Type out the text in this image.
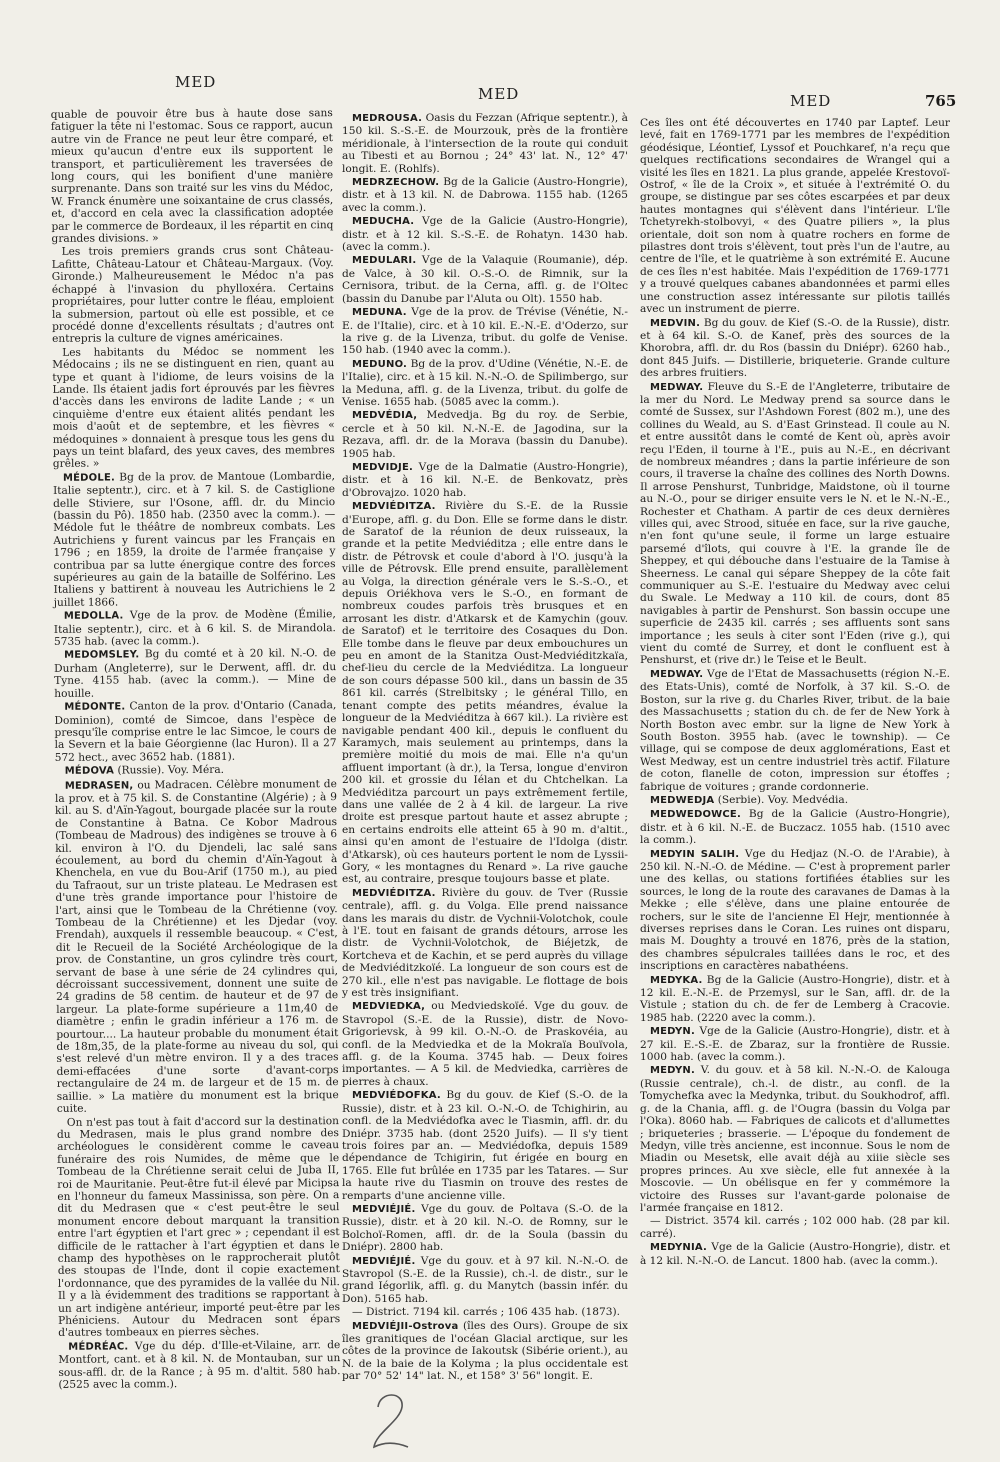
MED
MED	MED	765

quable de pouvoir être bus à haute dose sans fatiguer la tête ni l'estomac. Sous ce rapport, aucun autre vin de France ne peut leur être comparé, et mieux qu'aucun d'entre eux ils supportent le transport, et particulièrement les traversées de long cours, qui les bonifient d'une manière surprenante. Dans son traité sur les vins du Médoc, W. Franck énumère une soixantaine de crus classés, et, d'accord en cela avec la classification adoptée par le commerce de Bordeaux, il les répartit en cinq grandes divisions. »

Les trois premiers grands crus sont Château-Lafitte, Château-Latour et Château-Margaux. (Voy. Gironde.) Malheureusement le Médoc n'a pas échappé à l'invasion du phylloxéra. Certains propriétaires, pour lutter contre le fléau, emploient la submersion, partout où elle est possible, et ce procédé donne d'excellents résultats ; d'autres ont entrepris la culture de vignes américaines.

Les habitants du Médoc se nomment les Médocains ; ils ne se distinguent en rien, quant au type et quant à l'idiome, de leurs voisins de la Lande. Ils étaient jadis fort éprouvés par les fièvres d'accès dans les environs de ladite Lande ; « un cinquième d'entre eux étaient alités pendant les mois d'août et de septembre, et les fièvres « médoquines » donnaient à presque tous les gens du pays un teint blafard, des yeux caves, des membres grêles. »

MÉDOLE. Bg de la prov. de Mantoue (Lombardie, Italie septentr.), circ. et à 7 kil. S. de Castiglione delle Stiviere, sur l'Osone, affl. dr. du Mincio (bassin du Pô). 1850 hab. (2350 avec la comm.). — Médole fut le théâtre de nombreux combats. Les Autrichiens y furent vaincus par les Français en 1796 ; en 1859, la droite de l'armée française y contribua par sa lutte énergique contre des forces supérieures au gain de la bataille de Solférino. Les Italiens y battirent à nouveau les Autrichiens le 2 juillet 1866.

MEDOLLA. Vge de la prov. de Modène (Émilie, Italie septentr.), circ. et à 6 kil. S. de Mirandola. 5735 hab. (avec la comm.).

MEDOMSLEY. Bg du comté et à 20 kil. N.-O. de Durham (Angleterre), sur le Derwent, affl. dr. du Tyne. 4155 hab. (avec la comm.). — Mine de houille.

MÉDONTE. Canton de la prov. d'Ontario (Canada, Dominion), comté de Simcoe, dans l'espèce de presqu'île comprise entre le lac Simcoe, le cours de la Severn et la baie Géorgienne (lac Huron). Il a 27 572 hect., avec 3652 hab. (1881).

MÉDOVA (Russie). Voy. Méra.

MEDRASEN, ou Madracen. Célèbre monument de la prov. et à 75 kil. S. de Constantine (Algérie) ; à 9 kil. au S. d'Aïn-Yagout, bourgade placée sur la route de Constantine à Batna. Ce Kobor Madrous (Tombeau de Madrous) des indigènes se trouve à 6 kil. environ à l'O. du Djendeli, lac salé sans écoulement, au bord du chemin d'Aïn-Yagout à Khenchela, en vue du Bou-Arif (1750 m.), au pied du Tafraout, sur un triste plateau. Le Medrasen est d'une très grande importance pour l'histoire de l'art, ainsi que le Tombeau de la Chrétienne (voy. Tombeau de la Chrétienne) et les Djedar (voy. Frendah), auxquels il ressemble beaucoup. « C'est, dit le Recueil de la Société Archéologique de la prov. de Constantine, un gros cylindre très court, servant de base à une série de 24 cylindres qui, décroissant successivement, donnent une suite de 24 gradins de 58 centim. de hauteur et de 97 de largeur. La plate-forme supérieure a 11m,40 de diamètre ; enfin le gradin inférieur a 176 m. de pourtour.... La hauteur probable du monument était de 18m,35, de la plate-forme au niveau du sol, qui s'est relevé d'un mètre environ. Il y a des traces demi-effacées d'une sorte d'avant-corps rectangulaire de 24 m. de largeur et de 15 m. de saillie. » La matière du monument est la brique cuite.

On n'est pas tout à fait d'accord sur la destination du Medrasen, mais le plus grand nombre des archéologues le considèrent comme le caveau funéraire des rois Numides, de même que le Tombeau de la Chrétienne serait celui de Juba II, roi de Mauritanie. Peut-être fut-il élevé par Micipsa en l'honneur du fameux Massinissa, son père. On a dit du Medrasen que « c'est peut-être le seul monument encore debout marquant la transition entre l'art égyptien et l'art grec » ; cependant il est difficile de le rattacher à l'art égyptien et dans le champ des hypothèses on le rapprocherait plutôt des stoupas de l'Inde, dont il copie exactement l'ordonnance, que des pyramides de la vallée du Nil. Il y a là évidemment des traditions se rapportant à un art indigène antérieur, importé peut-être par les Phéniciens. Autour du Medracen sont épars d'autres tombeaux en pierres sèches.

MÉDRÉAC. Vge du dép. d'Ille-et-Vilaine, arr. de Montfort, cant. et à 8 kil. N. de Montauban, sur un sous-affl. dr. de la Rance ; à 95 m. d'altit. 580 hab. (2525 avec la comm.).

MEDROUSA. Oasis du Fezzan (Afrique septentr.), à 150 kil. S.-S.-E. de Mourzouk, près de la frontière méridionale, à l'intersection de la route qui conduit au Tibesti et au Bornou ; 24° 43' lat. N., 12° 47' longit. E. (Rohlfs).

MEDRZECHOW. Bg de la Galicie (Austro-Hongrie), distr. et à 13 kil. N. de Dabrowa. 1155 hab. (1265 avec la comm.).

MEDUCHA. Vge de la Galicie (Austro-Hongrie), distr. et à 12 kil. S.-S.-E. de Rohatyn. 1430 hab. (avec la comm.).

MEDULARI. Vge de la Valaquie (Roumanie), dép. de Valce, à 30 kil. O.-S.-O. de Rimnik, sur la Cernisora, tribut. de la Cerna, affl. g. de l'Oltec (bassin du Danube par l'Aluta ou Olt). 1550 hab.

MEDUNA. Vge de la prov. de Trévise (Vénétie, N.-E. de l'Italie), circ. et à 10 kil. E.-N.-E. d'Oderzo, sur la rive g. de la Livenza, tribut. du golfe de Venise. 150 hab. (1940 avec la comm.).

MEDUNO. Bg de la prov. d'Udine (Vénétie, N.-E. de l'Italie), circ. et à 15 kil. N.-N.-O. de Spilimbergo, sur la Meduna, affl. g. de la Livenza, tribut. du golfe de Venise. 1655 hab. (5085 avec la comm.).

MEDVÉDIA, Medvedja. Bg du roy. de Serbie, cercle et à 50 kil. N.-N.-E. de Jagodina, sur la Rezava, affl. dr. de la Morava (bassin du Danube). 1905 hab.

MEDVIDJE. Vge de la Dalmatie (Austro-Hongrie), distr. et à 16 kil. N.-E. de Benkovatz, près d'Obrovajzo. 1020 hab.

MEDVIÉDITZA. Rivière du S.-E. de la Russie d'Europe, affl. g. du Don. Elle se forme dans le distr. de Saratof de la réunion de deux ruisseaux, la grande et la petite Medviéditza ; elle entre dans le distr. de Pétrovsk et coule d'abord à l'O. jusqu'à la ville de Pétrovsk. Elle prend ensuite, parallèlement au Volga, la direction générale vers le S.-S.-O., et depuis Oriékhova vers le S.-O., en formant de nombreux coudes parfois très brusques et en arrosant les distr. d'Atkarsk et de Kamychin (gouv. de Saratof) et le territoire des Cosaques du Don. Elle tombe dans le fleuve par deux embouchures un peu en amont de la Stanitza Oust-Medviéditzkaïa, chef-lieu du cercle de la Medviéditza. La longueur de son cours dépasse 500 kil., dans un bassin de 35 861 kil. carrés (Strelbitsky ; le général Tillo, en tenant compte des petits méandres, évalue la longueur de la Medviéditza à 667 kil.). La rivière est navigable pendant 400 kil., depuis le confluent du Karamych, mais seulement au printemps, dans la première moitié du mois de mai. Elle n'a qu'un affluent important (à dr.), la Tersa, longue d'environ 200 kil. et grossie du Iélan et du Chtchelkan. La Medviéditza parcourt un pays extrêmement fertile, dans une vallée de 2 à 4 kil. de largeur. La rive droite est presque partout haute et assez abrupte ; en certains endroits elle atteint 65 à 90 m. d'altit., ainsi qu'en amont de l'estuaire de l'Idolga (distr. d'Atkarsk), où ces hauteurs portent le nom de Lyssii-Gory, « les montagnes du Renard ». La rive gauche est, au contraire, presque toujours basse et plate.

MEDVIÉDITZA. Rivière du gouv. de Tver (Russie centrale), affl. g. du Volga. Elle prend naissance dans les marais du distr. de Vychnii-Volotchok, coule à l'E. tout en faisant de grands détours, arrose les distr. de Vychnii-Volotchok, de Biéjetzk, de Kortcheva et de Kachin, et se perd auprès du village de Medviéditzkoïé. La longueur de son cours est de 270 kil., elle n'est pas navigable. Le flottage de bois y est très insignifiant.

MEDVIEDKA, ou Medviedskoïé. Vge du gouv. de Stavropol (S.-E. de la Russie), distr. de Novo-Grigorievsk, à 99 kil. O.-N.-O. de Praskovéia, au confl. de la Medviedka et de la Mokraïa Bouïvola, affl. g. de la Kouma. 3745 hab. — Deux foires importantes. — A 5 kil. de Medviedka, carrières de pierres à chaux.

MEDVIÉDOFKA. Bg du gouv. de Kief (S.-O. de la Russie), distr. et à 23 kil. O.-N.-O. de Tchighirin, au confl. de la Medviédofka avec le Tiasmin, affl. dr. du Dniépr. 3735 hab. (dont 2520 Juifs). — Il s'y tient trois foires par an. — Medviédofka, depuis 1589 dépendance de Tchigirin, fut érigée en bourg en 1765. Elle fut brûlée en 1735 par les Tatares. — Sur la haute rive du Tiasmin on trouve des restes de remparts d'une ancienne ville.

MEDVIÉJIÉ. Vge du gouv. de Poltava (S.-O. de la Russie), distr. et à 20 kil. N.-O. de Romny, sur le Bolchoï-Romen, affl. dr. de la Soula (bassin du Dniépr). 2800 hab.

MEDVIÉJIÉ. Vge du gouv. et à 97 kil. N.-N.-O. de Stavropol (S.-E. de la Russie), ch.-l. de distr., sur le grand Iégorlik, affl. g. du Manytch (bassin infér. du Don). 5165 hab.

— District. 7194 kil. carrés ; 106 435 hab. (1873).

MEDVIÉJII-Ostrova (îles des Ours). Groupe de six îles granitiques de l'océan Glacial arctique, sur les côtes de la province de Iakoutsk (Sibérie orient.), au N. de la baie de la Kolyma ; la plus occidentale est par 70° 52' 14" lat. N., et 158° 3' 56" longit. E.

Ces îles ont été découvertes en 1740 par Laptef. Leur levé, fait en 1769-1771 par les membres de l'expédition géodésique, Léontief, Lyssof et Pouchkaref, n'a reçu que quelques rectifications secondaires de Wrangel qui a visité les îles en 1821. La plus grande, appelée Krestovoï-Ostrof, « île de la Croix », et située à l'extrémité O. du groupe, se distingue par ses côtes escarpées et par deux hautes montagnes qui s'élèvent dans l'intérieur. L'île Tchetyrekh-stolbovyi, « des Quatre piliers », la plus orientale, doit son nom à quatre rochers en forme de pilastres dont trois s'élèvent, tout près l'un de l'autre, au centre de l'île, et le quatrième à son extrémité E. Aucune de ces îles n'est habitée. Mais l'expédition de 1769-1771 y a trouvé quelques cabanes abandonnées et parmi elles une construction assez intéressante sur pilotis taillés avec un instrument de pierre.

MEDVIN. Bg du gouv. de Kief (S.-O. de la Russie), distr. et à 64 kil. S.-O. de Kanef, près des sources de la Khorobra, affl. dr. du Ros (bassin du Dniépr). 6260 hab., dont 845 Juifs. — Distillerie, briqueterie. Grande culture des arbres fruitiers.

MEDWAY. Fleuve du S.-E de l'Angleterre, tributaire de la mer du Nord. Le Medway prend sa source dans le comté de Sussex, sur l'Ashdown Forest (802 m.), une des collines du Weald, au S. d'East Grinstead. Il coule au N. et entre aussitôt dans le comté de Kent où, après avoir reçu l'Eden, il tourne à l'E., puis au N.-E., en décrivant de nombreux méandres ; dans la partie inférieure de son cours, il traverse la chaîne des collines des North Downs. Il arrose Penshurst, Tunbridge, Maidstone, où il tourne au N.-O., pour se diriger ensuite vers le N. et le N.-N.-E., Rochester et Chatham. A partir de ces deux dernières villes qui, avec Strood, située en face, sur la rive gauche, n'en font qu'une seule, il forme un large estuaire parsemé d'îlots, qui couvre à l'E. la grande île de Sheppey, et qui débouche dans l'estuaire de la Tamise à Sheerness. Le canal qui sépare Sheppey de la côte fait communiquer au S.-E. l'estuaire du Medway avec celui du Swale. Le Medway a 110 kil. de cours, dont 85 navigables à partir de Penshurst. Son bassin occupe une superficie de 2435 kil. carrés ; ses affluents sont sans importance ; les seuls à citer sont l'Eden (rive g.), qui vient du comté de Surrey, et dont le confluent est à Penshurst, et (rive dr.) le Teise et le Beult.

MEDWAY. Vge de l'Etat de Massachusetts (région N.-E. des Etats-Unis), comté de Norfolk, à 37 kil. S.-O. de Boston, sur la rive g. du Charles River, tribut. de la baie des Massachusetts ; station du ch. de fer de New York à North Boston avec embr. sur la ligne de New York à South Boston. 3955 hab. (avec le township). — Ce village, qui se compose de deux agglomérations, East et West Medway, est un centre industriel très actif. Filature de coton, flanelle de coton, impression sur étoffes ; fabrique de voitures ; grande cordonnerie.

MEDWEDJA (Serbie). Voy. Medvédia.

MEDWEDOWCE. Bg de la Galicie (Austro-Hongrie), distr. et à 6 kil. N.-E. de Buczacz. 1055 hab. (1510 avec la comm.).

MEDYIN SALIH. Vge du Hedjaz (N.-O. de l'Arabie), à 250 kil. N.-N.-O. de Médine. — C'est à proprement parler une des kellas, ou stations fortifiées établies sur les sources, le long de la route des caravanes de Damas à la Mekke ; elle s'élève, dans une plaine entourée de rochers, sur le site de l'ancienne El Hejr, mentionnée à diverses reprises dans le Coran. Les ruines ont disparu, mais M. Doughty a trouvé en 1876, près de la station, des chambres sépulcrales taillées dans le roc, et des inscriptions en caractères nabathéens.

MEDYKA. Bg de la Galicie (Austro-Hongrie), distr. et à 12 kil. E.-N.-E. de Przemysl, sur le San, affl. dr. de la Vistule ; station du ch. de fer de Lemberg à Cracovie. 1985 hab. (2220 avec la comm.).

MEDYN. Vge de la Galicie (Austro-Hongrie), distr. et à 27 kil. E.-S.-E. de Zbaraz, sur la frontière de Russie. 1000 hab. (avec la comm.).

MEDYN. V. du gouv. et à 58 kil. N.-N.-O. de Kalouga (Russie centrale), ch.-l. de distr., au confl. de la Tomychefka avec la Medynka, tribut. du Soukhodrof, affl. g. de la Chania, affl. g. de l'Ougra (bassin du Volga par l'Oka). 8060 hab. — Fabriques de calicots et d'allumettes ; briqueteries ; brasserie. — L'époque du fondement de Medyn, ville très ancienne, est inconnue. Sous le nom de Miadin ou Mesetsk, elle avait déjà au xiiie siècle ses propres princes. Au xve siècle, elle fut annexée à la Moscovie. — Un obélisque en fer y commémore la victoire des Russes sur l'avant-garde polonaise de l'armée française en 1812.

— District. 3574 kil. carrés ; 102 000 hab. (28 par kil. carré).

MEDYNIA. Vge de la Galicie (Austro-Hongrie), distr. et à 12 kil. N.-N.-O. de Lancut. 1800 hab. (avec la comm.).
